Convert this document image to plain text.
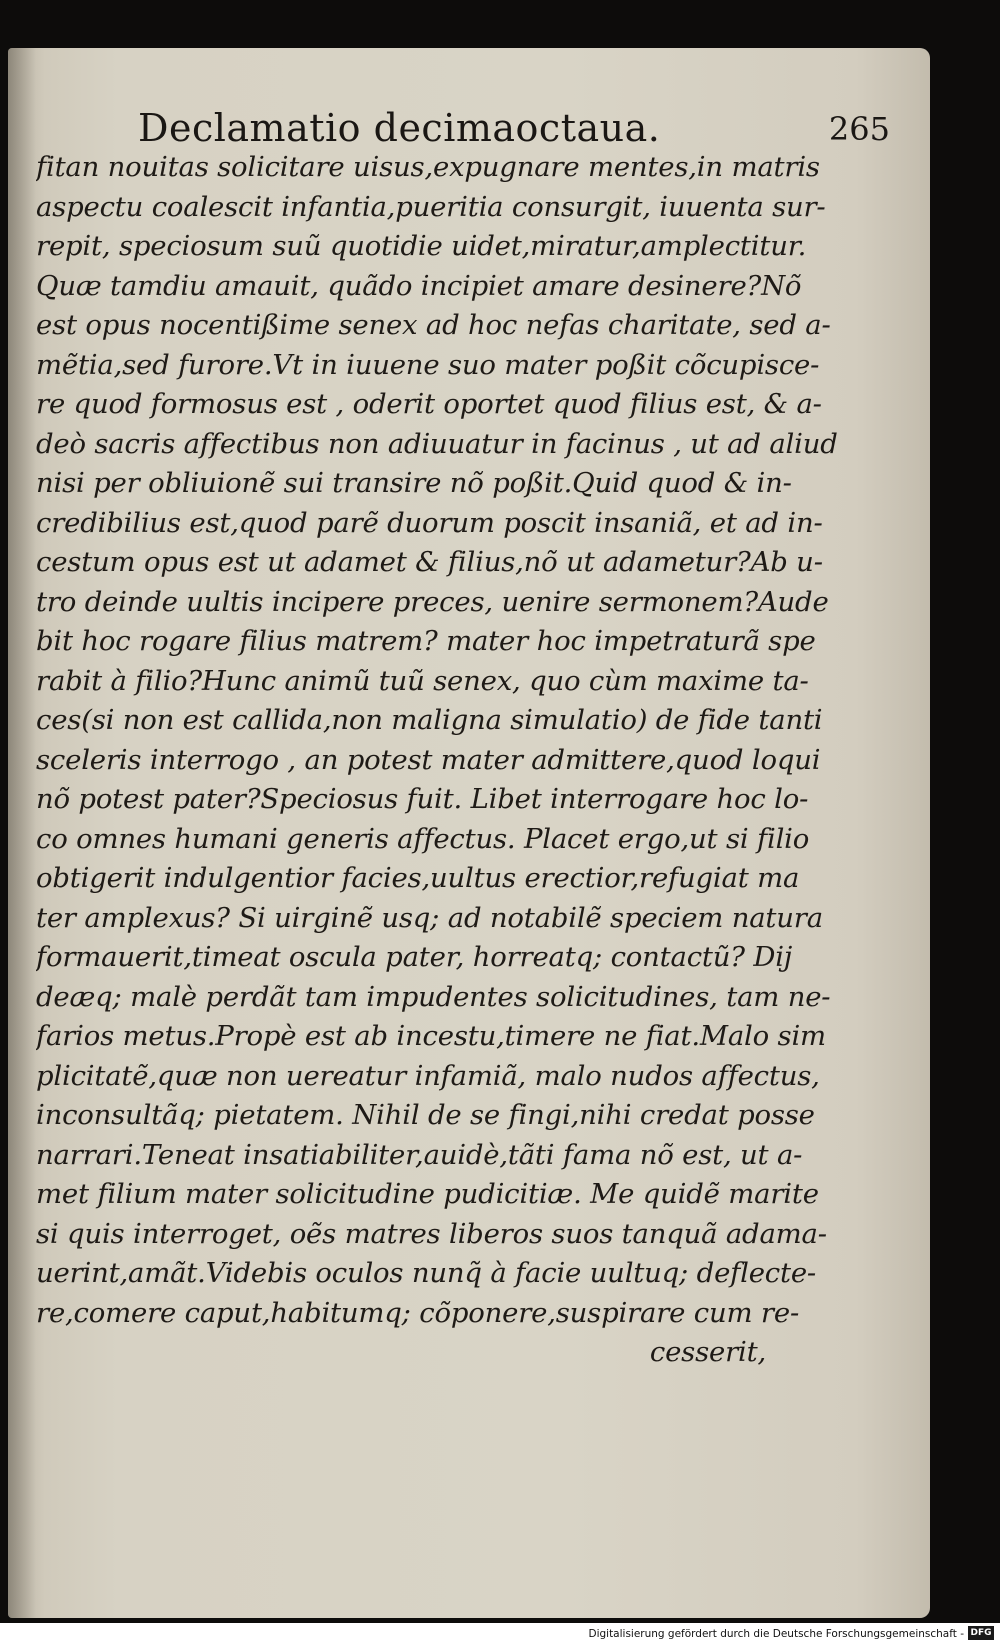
Declamatio decimaoctaua.	265
fitan nouitas solicitare uisus,expugnare mentes,in matris
aspectu coalescit infantia,pueritia consurgit, iuuenta sur-
repit, speciosum suũ quotidie uidet,miratur,amplectitur.
Quæ tamdiu amauit, quãdo incipiet amare desinere?Nõ
est opus nocentißime senex ad hoc nefas charitate, sed a-
mẽtia,sed furore.Vt in iuuene suo mater poßit cõcupisce-
re quod formosus est , oderit oportet quod filius est, & a-
deò sacris affectibus non adiuuatur in facinus , ut ad aliud
nisi per obliuionẽ sui transire nõ poßit.Quid quod & in-
credibilius est,quod parẽ duorum poscit insaniã, et ad in-
cestum opus est ut adamet & filius,nõ ut adametur?Ab u-
tro deinde uultis incipere preces, uenire sermonem?Aude
bit hoc rogare filius matrem? mater hoc impetraturã spe
rabit à filio?Hunc animũ tuũ senex, quo cùm maxime ta-
ces(si non est callida,non maligna simulatio) de fide tanti
sceleris interrogo , an potest mater admittere,quod loqui
nõ potest pater?Speciosus fuit. Libet interrogare hoc lo-
co omnes humani generis affectus. Placet ergo,ut si filio
obtigerit indulgentior facies,uultus erectior,refugiat ma
ter amplexus? Si uirginẽ usq; ad notabilẽ speciem natura
formauerit,timeat oscula pater, horreatq; contactũ? Dij
deæq; malè perdãt tam impudentes solicitudines, tam ne-
farios metus.Propè est ab incestu,timere ne fiat.Malo sim
plicitatẽ,quæ non uereatur infamiã, malo nudos affectus,
inconsultãq; pietatem. Nihil de se fingi,nihi credat posse
narrari.Teneat insatiabiliter,auidè,tãti fama nõ est, ut a-
met filium mater solicitudine pudicitiæ. Me quidẽ marite
si quis interroget, oẽs matres liberos suos tanquã adama-
uerint,amãt.Videbis oculos nunq̃ à facie uultuq; deflecte-
re,comere caput,habitumq; cõponere,suspirare cum re-
cesserit,
Digitalisierung gefördert durch die Deutsche Forschungsgemeinschaft - DFG
